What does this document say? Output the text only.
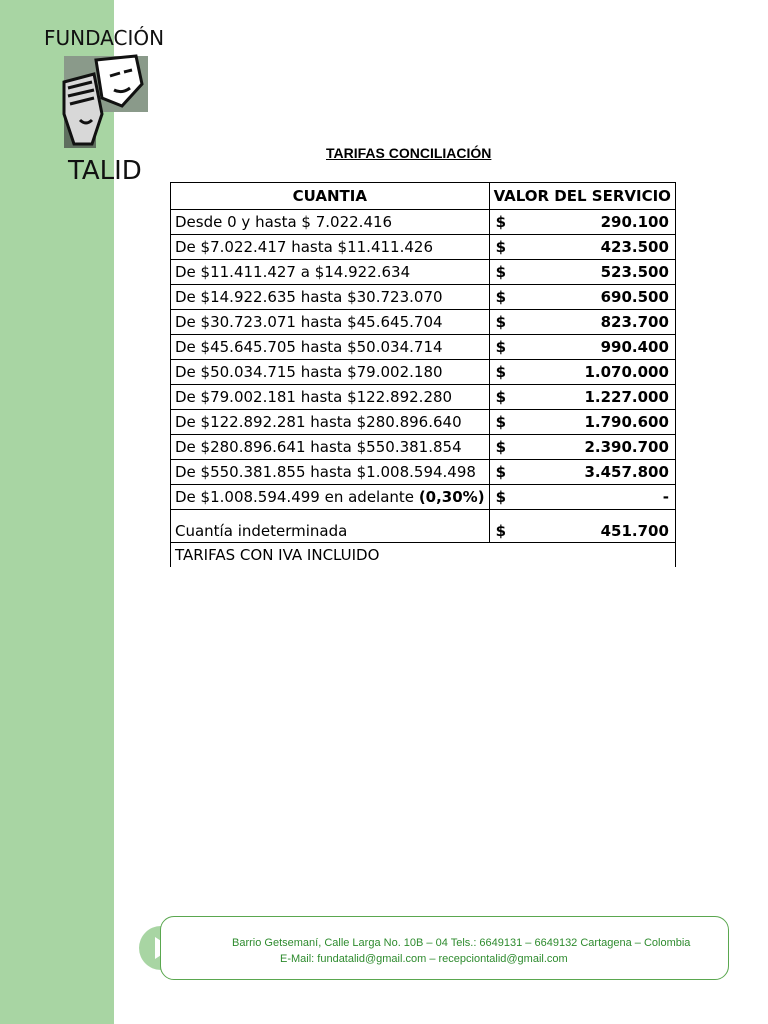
FUNDACIÓN
TALID
TARIFAS CONCILIACIÓN
CUANTIA	VALOR DEL SERVICIO
Desde 0 y hasta $ 7.022.416	$ 290.100

De $7.022.417 hasta $11.411.426	$ 423.500

De $11.411.427 a $14.922.634	$ 523.500

De $14.922.635 hasta $30.723.070	$ 690.500

De $30.723.071 hasta $45.645.704	$ 823.700

De $45.645.705 hasta $50.034.714	$ 990.400

De $50.034.715 hasta $79.002.180	$ 1.070.000

De $79.002.181 hasta $122.892.280	$ 1.227.000

De $122.892.281 hasta $280.896.640	$ 1.790.600

De $280.896.641 hasta $550.381.854	$ 2.390.700

De $550.381.855 hasta $1.008.594.498	$ 3.457.800

De $1.008.594.499 en adelante (0,30%)	$ -

Cuantía indeterminada	$ 451.700

TARIFAS CON IVA INCLUIDO	
Barrio Getsemaní, Calle Larga No. 10B – 04 Tels.: 6649131 – 6649132 Cartagena – Colombia
E-Mail: fundatalid@gmail.com – recepciontalid@gmail.com
